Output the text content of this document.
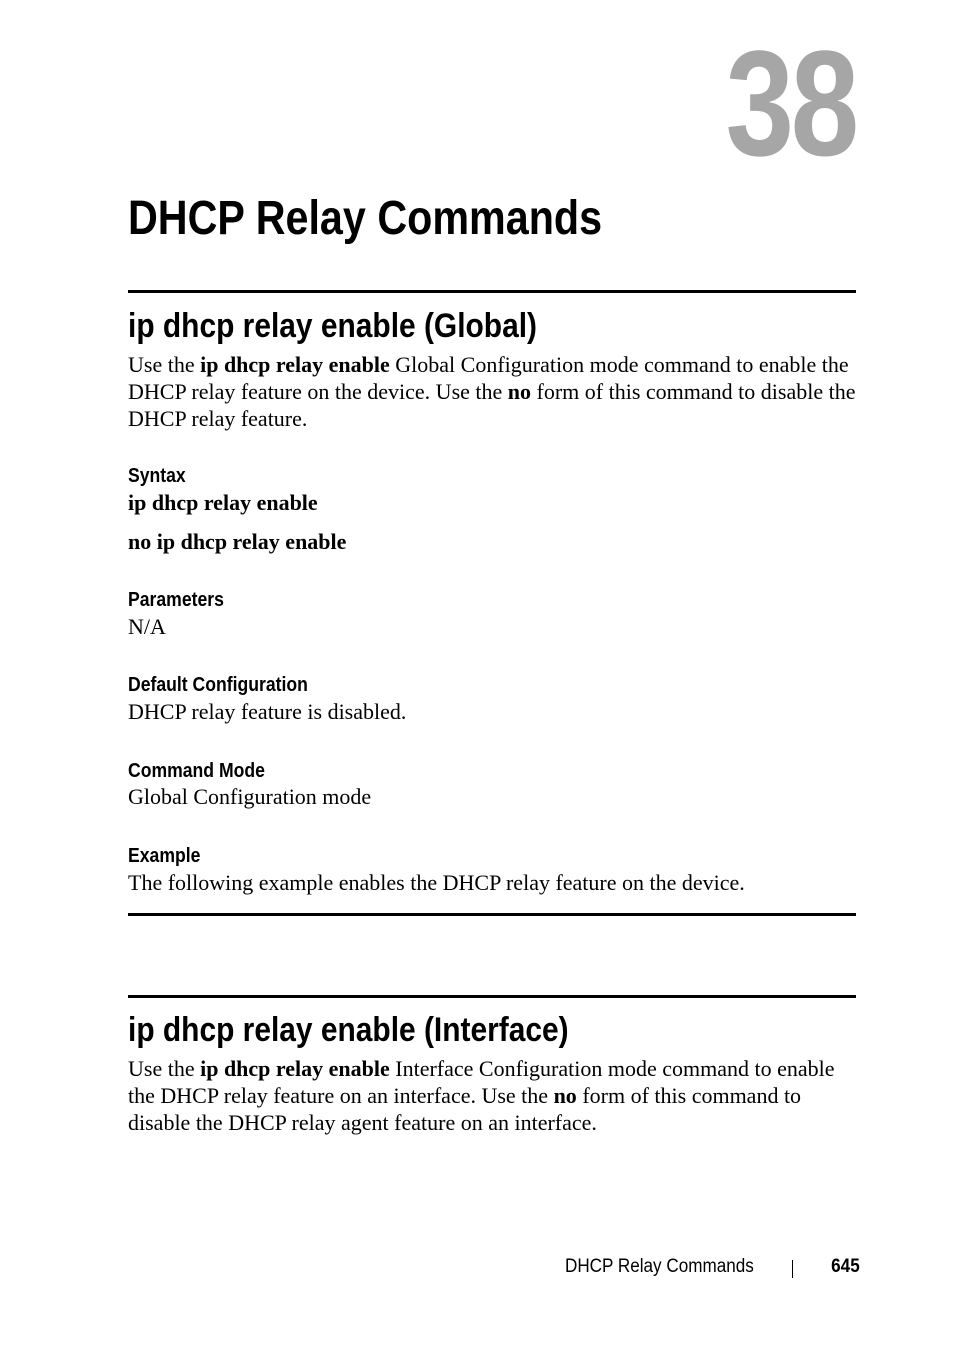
38
DHCP Relay Commands
ip dhcp relay enable (Global)

Use the ip dhcp relay enable Global Configuration mode command to enable the DHCP relay feature on the device. Use the no form of this command to disable the DHCP relay feature.

Syntax

ip dhcp relay enable

no ip dhcp relay enable

Parameters

N/A

Default Configuration

DHCP relay feature is disabled.

Command Mode

Global Configuration mode

Example

The following example enables the DHCP relay feature on the device.

ip dhcp relay enable (Interface)

Use the ip dhcp relay enable Interface Configuration mode command to enable the DHCP relay feature on an interface. Use the no form of this command to disable the DHCP relay agent feature on an interface.

DHCP Relay Commands	645
